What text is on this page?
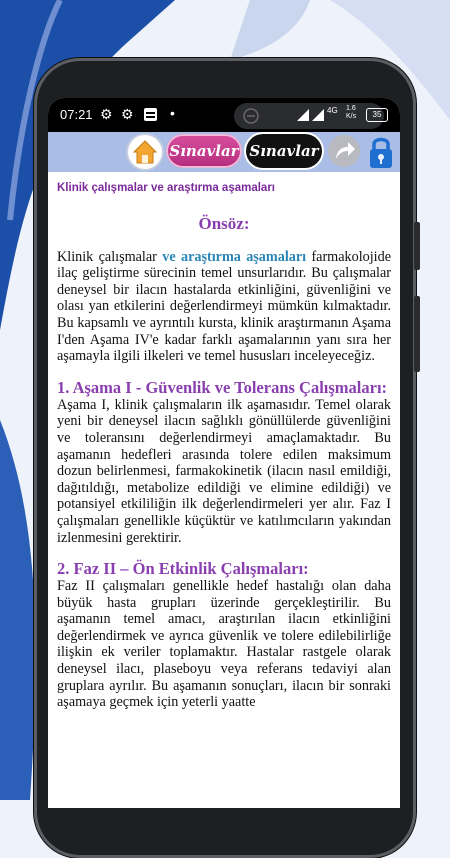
07:21 ⚙ ⚙	•	4G 1.6 K/s	35
Sınavlar Sınavlar
Klinik çalışmalar ve araştırma aşamaları
Önsöz:

Klinik çalışmalar ve araştırma aşamaları farmakolojide ilaç geliştirme sürecinin temel unsurlarıdır. Bu çalışmalar deneysel bir ilacın hastalarda etkinliğini, güvenliğini ve olası yan etkilerini değerlendirmeyi mümkün kılmaktadır. Bu kapsamlı ve ayrıntılı kursta, klinik araştırmanın Aşama I'den Aşama IV'e kadar farklı aşamalarının yanı sıra her aşamayla ilgili ilkeleri ve temel hususları inceleyeceğiz.

1. Aşama I - Güvenlik ve Tolerans Çalışmaları:

Aşama I, klinik çalışmaların ilk aşamasıdır. Temel olarak yeni bir deneysel ilacın sağlıklı gönüllülerde güvenliğini ve toleransını değerlendirmeyi amaçlamaktadır. Bu aşamanın hedefleri arasında tolere edilen maksimum dozun belirlenmesi, farmakokinetik (ilacın nasıl emildiği, dağıtıldığı, metabolize edildiği ve elimine edildiği) ve potansiyel etkililiğin ilk değerlendirmeleri yer alır. Faz I çalışmaları genellikle küçüktür ve katılımcıların yakından izlenmesini gerektirir.

2. Faz II – Ön Etkinlik Çalışmaları:

Faz II çalışmaları genellikle hedef hastalığı olan daha büyük hasta grupları üzerinde gerçekleştirilir. Bu aşamanın temel amacı, araştırılan ilacın etkinliğini değerlendirmek ve ayrıca güvenlik ve tolere edilebilirliğe ilişkin ek veriler toplamaktır. Hastalar rastgele olarak deneysel ilacı, plaseboyu veya referans tedaviyi alan gruplara ayrılır. Bu aşamanın sonuçları, ilacın bir sonraki aşamaya geçmek için yeterli yaatte
